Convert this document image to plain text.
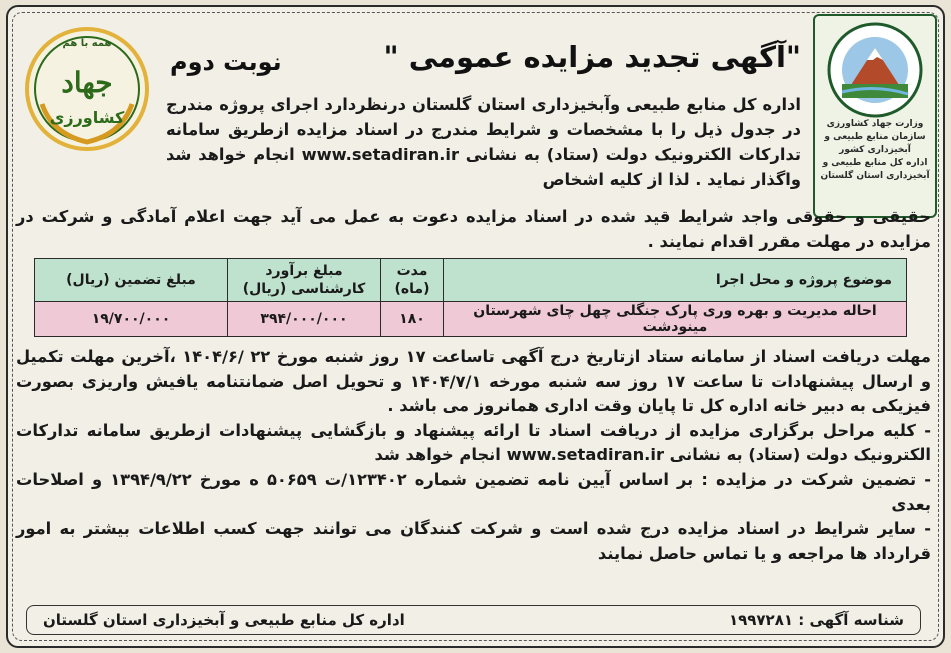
وزارت جهاد کشاورزی
سازمان منابع طبیعی و آبخیزداری کشور
اداره کل منابع طبیعی و آبخیزداری استان گلستان
همه با هم
جهاد
کشاورزی
"آگهی تجدید مزایده عمومی "
نوبت دوم
اداره کل منابع طبیعی وآبخیزداری استان گلستان درنظردارد اجرای پروژه مندرج در جدول ذیل را با مشخصات و شرایط مندرج در اسناد مزایده ازطریق سامانه تدارکات الکترونیک دولت (ستاد) به نشانی www.setadiran.ir انجام خواهد شد واگذار نماید . لذا از کلیه اشخاص
حقیقی و حقوقی واجد شرایط قید شده در اسناد مزایده دعوت به عمل می آید جهت اعلام آمادگی و شرکت در مزایده در مهلت مقرر اقدام نمایند .
موضوع پروژه و محل اجرا	مدت (ماه)	مبلغ برآورد کارشناسی (ریال)	مبلغ تضمین (ریال)
احاله مدیریت و بهره وری پارک جنگلی چهل چای شهرستان مینودشت	۱۸۰	۳۹۴/۰۰۰/۰۰۰	۱۹/۷۰۰/۰۰۰

مهلت دریافت اسناد از سامانه ستاد ازتاریخ درج آگهی تاساعت ۱۷ روز شنبه مورخ ۲۲ /۱۴۰۴/۶ ،آخرین مهلت تکمیل و ارسال پیشنهادات تا ساعت ۱۷ روز سه شنبه مورخه ۱۴۰۴/۷/۱ و تحویل اصل ضمانتنامه یافیش واریزی بصورت فیزیکی به دبیر خانه اداره کل تا پایان وقت اداری همانروز می باشد .

- کلیه مراحل برگزاری مزایده از دریافت اسناد تا ارائه پیشنهاد و بازگشایی پیشنهادات ازطریق سامانه تدارکات الکترونیک دولت (ستاد) به نشانی www.setadiran.ir انجام خواهد شد

- تضمین شرکت در مزایده : بر اساس آیین نامه تضمین شماره ۱۲۳۴۰۲/ت ۵۰۶۵۹ ه مورخ ۱۳۹۴/۹/۲۲ و اصلاحات بعدی

- سایر شرایط در اسناد مزایده درج شده است و شرکت کنندگان می توانند جهت کسب اطلاعات بیشتر به امور قرارداد ها مراجعه و یا تماس حاصل نمایند

شناسه آگهی : ۱۹۹۷۲۸۱
اداره کل منابع طبیعی و آبخیزداری استان گلستان
